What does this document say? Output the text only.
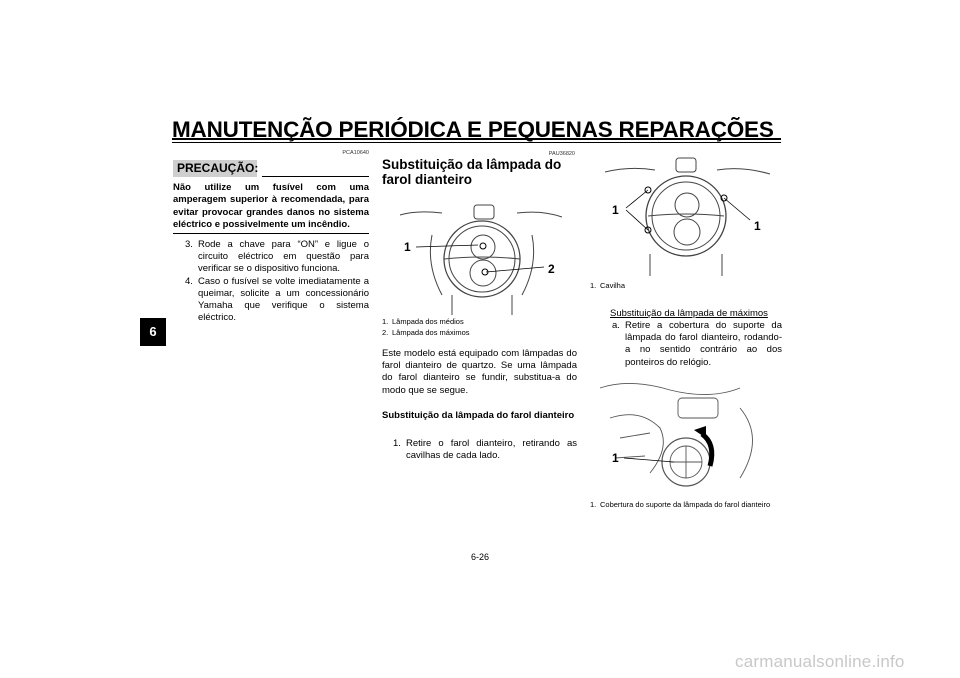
MANUTENÇÃO PERIÓDICA E PEQUENAS REPARAÇÕES
6
PCA10640
PRECAUÇÃO:
Não utilize um fusível com uma amperagem superior à recomendada, para evitar provocar grandes danos no sistema eléctrico e possivelmente um incêndio.
3. Rode a chave para “ON” e ligue o circuito eléctrico em questão para verificar se o dispositivo funciona.
4. Caso o fusível se volte imediatamente a queimar, solicite a um concessionário Yamaha que verifique o sistema eléctrico.
PAU36820
Substituição da lâmpada do farol dianteiro
1
2
1. Lâmpada dos médios
2. Lâmpada dos máximos
Este modelo está equipado com lâmpadas do farol dianteiro de quartzo. Se uma lâmpada do farol dianteiro se fundir, substitua-a do modo que se segue.
Substituição da lâmpada do farol dianteiro
1. Retire o farol dianteiro, retirando as cavilhas de cada lado.
1
1
1. Cavilha
Substituição da lâmpada de máximos
a. Retire a cobertura do suporte da lâmpada do farol dianteiro, rodando-a no sentido contrário ao dos ponteiros do relógio.
1
1. Cobertura do suporte da lâmpada do farol dianteiro
6-26
carmanualsonline.info
